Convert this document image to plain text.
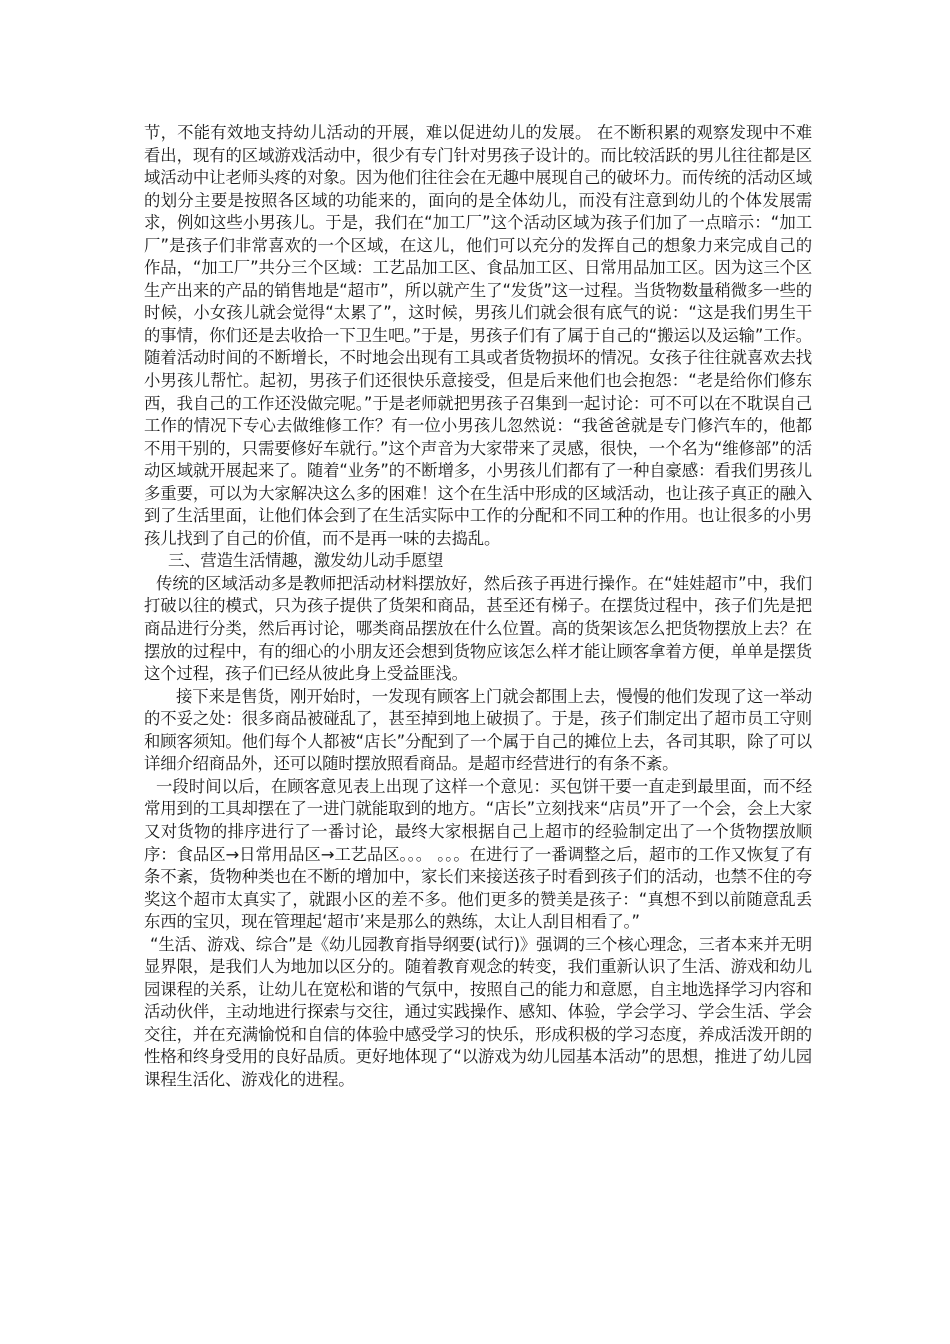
节，不能有效地支持幼儿活动的开展，难以促进幼儿的发展。 在不断积累的观察发现中不难看出，现有的区域游戏活动中，很少有专门针对男孩子设计的。而比较活跃的男儿往往都是区域活动中让老师头疼的对象。因为他们往往会在无趣中展现自己的破坏力。而传统的活动区域的划分主要是按照各区域的功能来的，面向的是全体幼儿，而没有注意到幼儿的个体发展需求，例如这些小男孩儿。于是，我们在“加工厂”这个活动区域为孩子们加了一点暗示：“加工厂”是孩子们非常喜欢的一个区域，在这儿，他们可以充分的发挥自己的想象力来完成自己的作品，“加工厂”共分三个区域：工艺品加工区、食品加工区、日常用品加工区。因为这三个区生产出来的产品的销售地是“超市”，所以就产生了“发货”这一过程。当货物数量稍微多一些的时候，小女孩儿就会觉得“太累了”，这时候，男孩儿们就会很有底气的说：“这是我们男生干的事情，你们还是去收拾一下卫生吧。”于是，男孩子们有了属于自己的“搬运以及运输”工作。随着活动时间的不断增长，不时地会出现有工具或者货物损坏的情况。女孩子往往就喜欢去找小男孩儿帮忙。起初，男孩子们还很快乐意接受，但是后来他们也会抱怨：“老是给你们修东西，我自己的工作还没做完呢。”于是老师就把男孩子召集到一起讨论：可不可以在不耽误自己工作的情况下专心去做维修工作？有一位小男孩儿忽然说：“我爸爸就是专门修汽车的，他都不用干别的，只需要修好车就行。”这个声音为大家带来了灵感，很快，一个名为“维修部”的活动区域就开展起来了。随着“业务”的不断增多，小男孩儿们都有了一种自豪感：看我们男孩儿多重要，可以为大家解决这么多的困难！这个在生活中形成的区域活动，也让孩子真正的融入到了生活里面，让他们体会到了在生活实际中工作的分配和不同工种的作用。也让很多的小男孩儿找到了自己的价值，而不是再一味的去捣乱。

三、营造生活情趣，激发幼儿动手愿望

传统的区域活动多是教师把活动材料摆放好，然后孩子再进行操作。在“娃娃超市”中，我们打破以往的模式，只为孩子提供了货架和商品，甚至还有梯子。在摆货过程中，孩子们先是把商品进行分类，然后再讨论，哪类商品摆放在什么位置。高的货架该怎么把货物摆放上去？在摆放的过程中，有的细心的小朋友还会想到货物应该怎么样才能让顾客拿着方便，单单是摆货这个过程，孩子们已经从彼此身上受益匪浅。

接下来是售货，刚开始时，一发现有顾客上门就会都围上去，慢慢的他们发现了这一举动的不妥之处：很多商品被碰乱了，甚至掉到地上破损了。于是，孩子们制定出了超市员工守则和顾客须知。他们每个人都被“店长”分配到了一个属于自己的摊位上去，各司其职，除了可以详细介绍商品外，还可以随时摆放照看商品。是超市经营进行的有条不紊。

一段时间以后，在顾客意见表上出现了这样一个意见：买包饼干要一直走到最里面，而不经常用到的工具却摆在了一进门就能取到的地方。“店长”立刻找来“店员”开了一个会，会上大家又对货物的排序进行了一番讨论，最终大家根据自己上超市的经验制定出了一个货物摆放顺序：食品区→日常用品区→工艺品区。。。 。。。在进行了一番调整之后，超市的工作又恢复了有条不紊，货物种类也在不断的增加中，家长们来接送孩子时看到孩子们的活动，也禁不住的夸奖这个超市太真实了，就跟小区的差不多。他们更多的赞美是孩子：“真想不到以前随意乱丢东西的宝贝，现在管理起‘超市’来是那么的熟练，太让人刮目相看了。”

“生活、游戏、综合”是《幼儿园教育指导纲要(试行)》强调的三个核心理念，三者本来并无明显界限，是我们人为地加以区分的。随着教育观念的转变，我们重新认识了生活、游戏和幼儿园课程的关系，让幼儿在宽松和谐的气氛中，按照自己的能力和意愿，自主地选择学习内容和活动伙伴，主动地进行探索与交往，通过实践操作、感知、体验，学会学习、学会生活、学会交往，并在充满愉悦和自信的体验中感受学习的快乐，形成积极的学习态度，养成活泼开朗的性格和终身受用的良好品质。更好地体现了“以游戏为幼儿园基本活动”的思想，推进了幼儿园课程生活化、游戏化的进程。
